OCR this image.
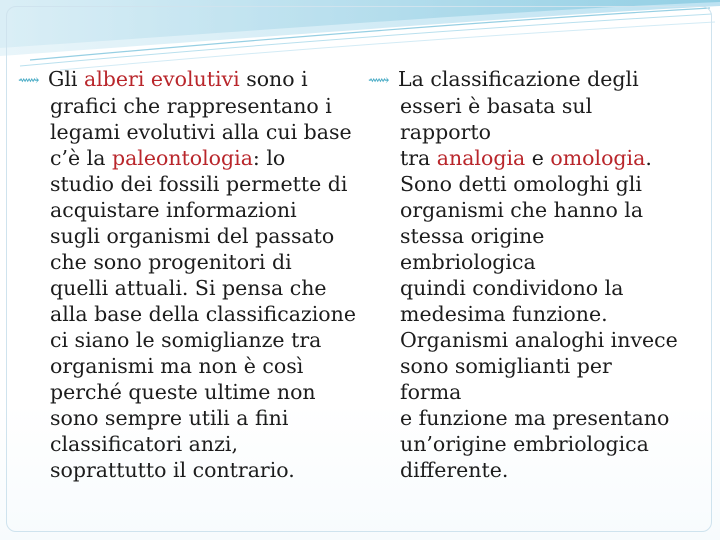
⟿ Gli alberi evolutivi sono i
grafici che rappresentano i
legami evolutivi alla cui base
c’è la paleontologia: lo
studio dei fossili permette di
acquistare informazioni
sugli organismi del passato
che sono progenitori di
quelli attuali. Si pensa che
alla base della classificazione
ci siano le somiglianze tra
organismi ma non è così
perché queste ultime non
sono sempre utili a fini
classificatori anzi,
soprattutto il contrario.

⟿ La classificazione degli
esseri è basata sul rapporto
tra analogia e omologia.
Sono detti omologhi gli
organismi che hanno la
stessa origine embriologica
quindi condividono la
medesima funzione.
Organismi analoghi invece
sono somiglianti per forma
e funzione ma presentano
un’origine embriologica
differente.
